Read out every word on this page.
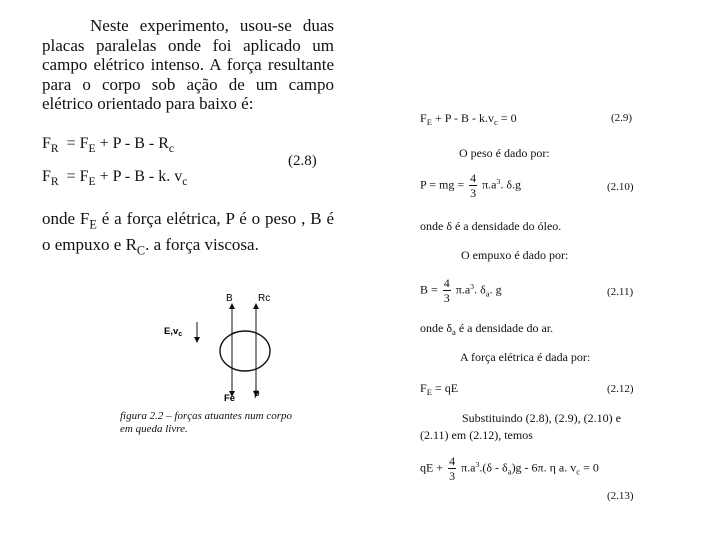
Neste experimento, usou-se duas placas paralelas onde foi aplicado um campo elétrico intenso. A força resultante para o corpo sob ação de um campo elétrico orientado para baixo é:
$F_R = F_E + P - B - R_c$
(2.8)
$F_R = F_E + P - B - k$. $v_c$
onde $F_E$ é a força elétrica, P é o peso , B é o empuxo e $R_C$. a força viscosa.
B	Rc
$E,v_c$
Fe p
figura 2.2 – forças atuantes num corpo
em queda livre.
$F_E + P - B - k.v_c = 0$	(2.9)
O peso é dado por:
P = mg = $\frac{4}{3} \pi.a^3$. δ.g	(2.10)
onde δ é a densidade do óleo.
O empuxo é dado por:
$B = \frac{4}{3} \pi.a^3$. $\delta_a$. g	(2.11)
onde $\delta_a$ é a densidade do ar.
A força elétrica é dada por:
$F_E$ = qE	(2.12)
Substituindo (2.8), (2.9), (2.10) e
(2.11) em (2.12), temos
qE + $\frac{4}{3} \pi.a^3.(\delta - \delta_a)g - 6\pi$. η a. $v_c = 0$
(2.13)
